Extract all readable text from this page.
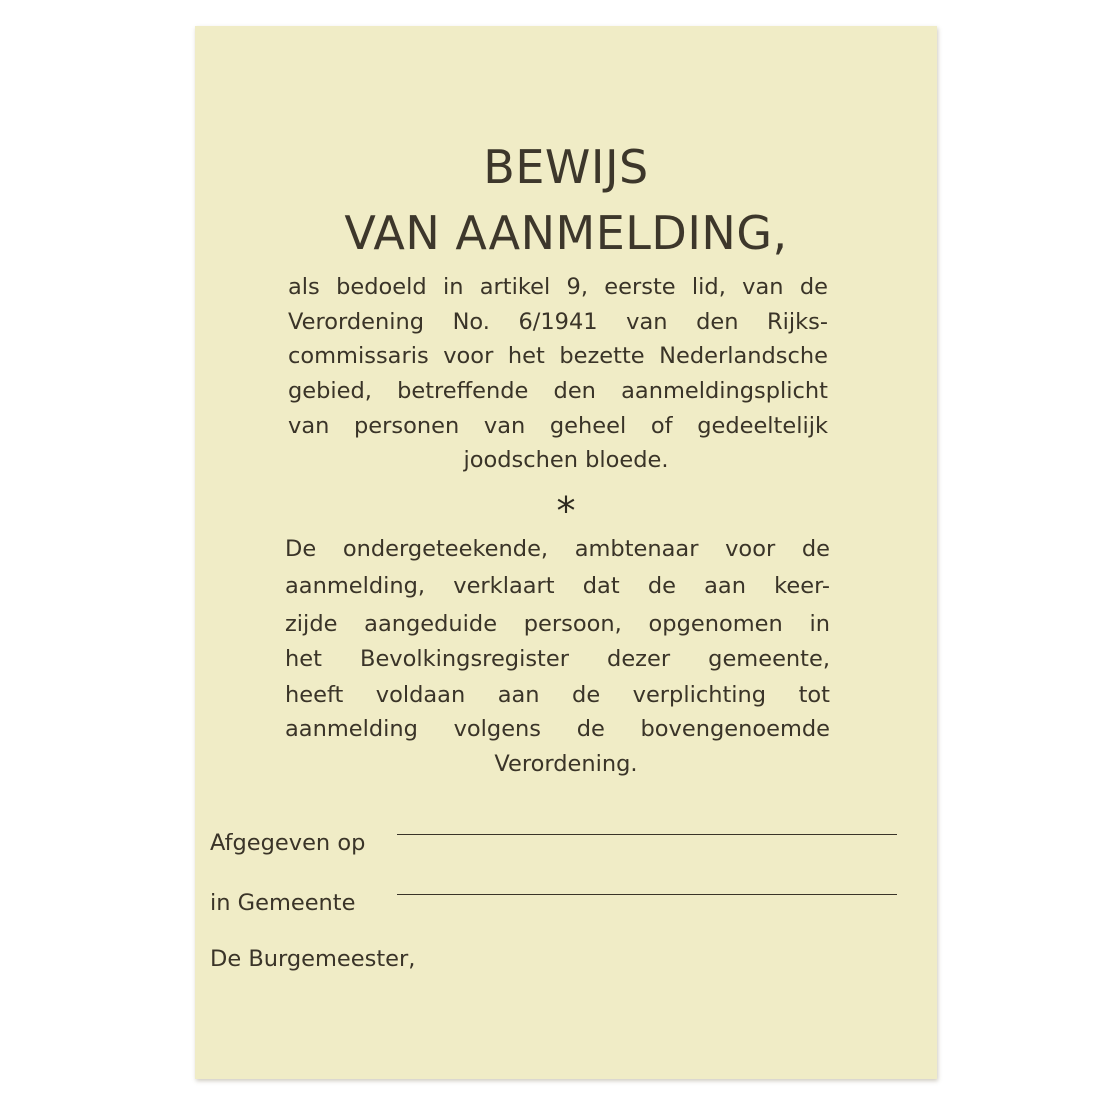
BEWIJS
VAN AANMELDING,
als bedoeld in artikel 9, eerste lid, van de
Verordening No. 6/1941 van den Rijks-
commissaris voor het bezette Nederlandsche
gebied, betreffende den aanmeldingsplicht
van personen van geheel of gedeeltelijk
joodschen bloede.
*
De ondergeteekende, ambtenaar voor de
aanmelding, verklaart dat de aan keer-
zijde aangeduide persoon, opgenomen in
het Bevolkingsregister dezer gemeente,
heeft voldaan aan de verplichting tot
aanmelding volgens de bovengenoemde
Verordening.
Afgegeven op
in Gemeente
De Burgemeester,
